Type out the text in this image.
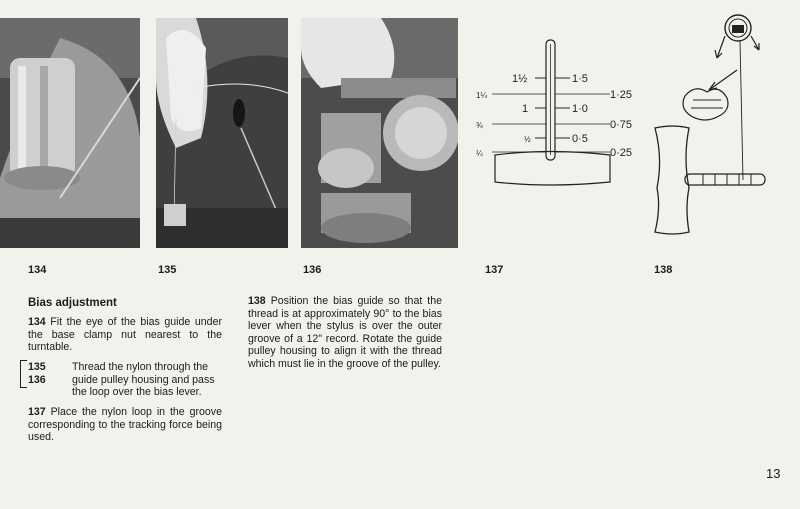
1¼
¾
¼
1½
1
½
1·5
1·0
0·5
1·25
0·75
0·25
134	135	136	137	138
Bias adjustment
134 Fit the eye of the bias guide under the base clamp nut nearest to the turntable.
135
136
Thread the nylon through the guide pulley housing and pass the loop over the bias lever.
137 Place the nylon loop in the groove corresponding to the tracking force being used.
138 Position the bias guide so that the thread is at approximately 90° to the bias lever when the stylus is over the outer groove of a 12" record. Rotate the guide pulley housing to align it with the thread which must lie in the groove of the pulley.
13
